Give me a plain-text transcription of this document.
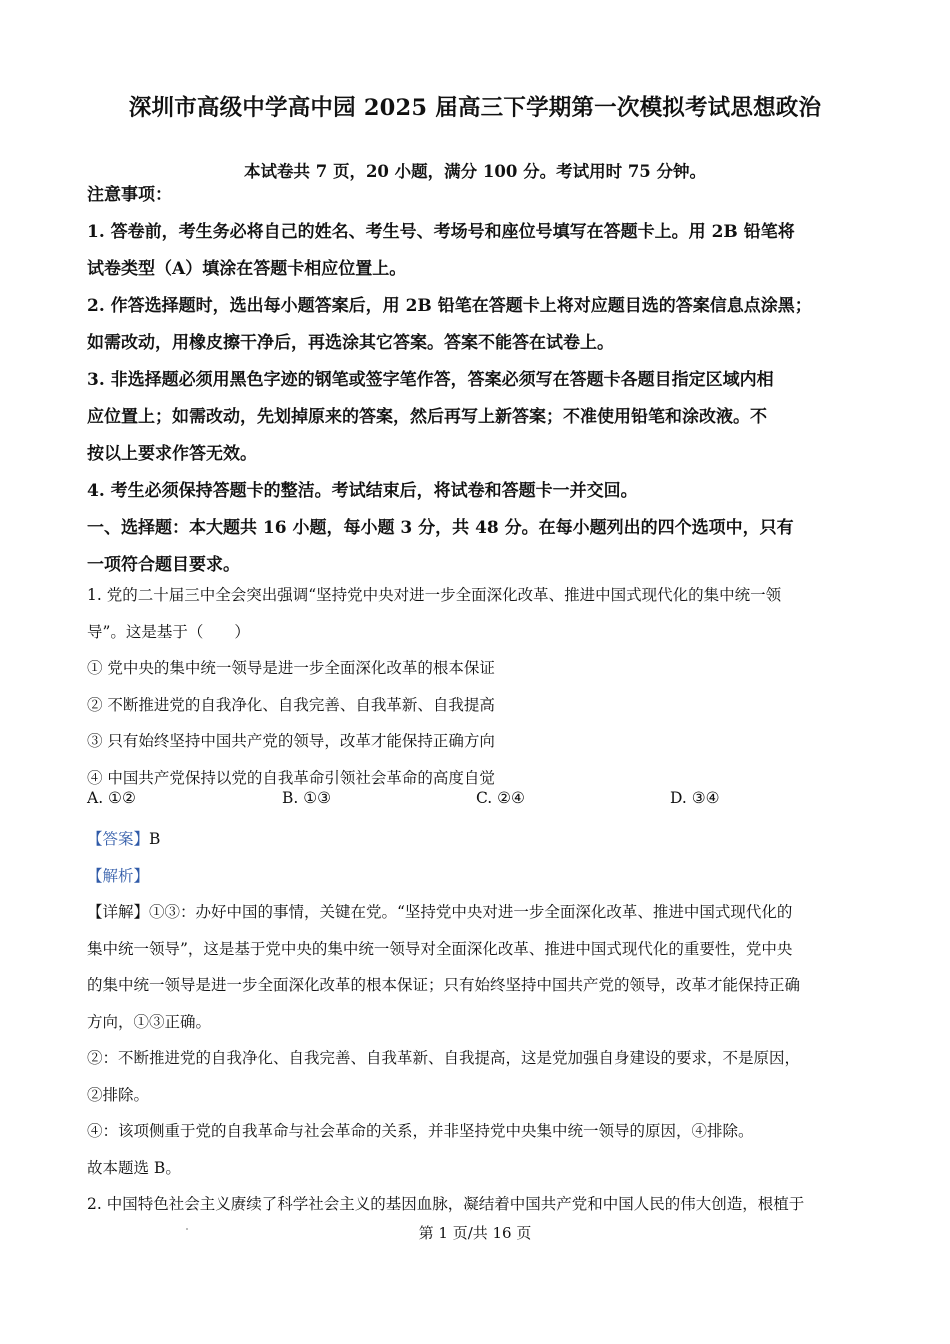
深圳市高级中学高中园 2025 届高三下学期第一次模拟考试思想政治
本试卷共 7 页，20 小题，满分 100 分。考试用时 75 分钟。
注意事项：
1. 答卷前，考生务必将自己的姓名、考生号、考场号和座位号填写在答题卡上。用 2B 铅笔将
试卷类型（A）填涂在答题卡相应位置上。
2. 作答选择题时，选出每小题答案后，用 2B 铅笔在答题卡上将对应题目选的答案信息点涂黑；
如需改动，用橡皮擦干净后，再选涂其它答案。答案不能答在试卷上。
3. 非选择题必须用黑色字迹的钢笔或签字笔作答，答案必须写在答题卡各题目指定区域内相
应位置上；如需改动，先划掉原来的答案，然后再写上新答案；不准使用铅笔和涂改液。不
按以上要求作答无效。
4. 考生必须保持答题卡的整洁。考试结束后，将试卷和答题卡一并交回。
一、选择题：本大题共 16 小题，每小题 3 分，共 48 分。在每小题列出的四个选项中，只有
一项符合题目要求。
1. 党的二十届三中全会突出强调“坚持党中央对进一步全面深化改革、推进中国式现代化的集中统一领
导”。这是基于（　　）
① 党中央的集中统一领导是进一步全面深化改革的根本保证
② 不断推进党的自我净化、自我完善、自我革新、自我提高
③ 只有始终坚持中国共产党的领导，改革才能保持正确方向
④ 中国共产党保持以党的自我革命引领社会革命的高度自觉
A. ①②	B. ①③	C. ②④	D. ③④
【答案】B
【解析】
【详解】①③：办好中国的事情，关键在党。“坚持党中央对进一步全面深化改革、推进中国式现代化的
集中统一领导”，这是基于党中央的集中统一领导对全面深化改革、推进中国式现代化的重要性，党中央
的集中统一领导是进一步全面深化改革的根本保证；只有始终坚持中国共产党的领导，改革才能保持正确
方向，①③正确。
②：不断推进党的自我净化、自我完善、自我革新、自我提高，这是党加强自身建设的要求，不是原因，
②排除。
④：该项侧重于党的自我革命与社会革命的关系，并非坚持党中央集中统一领导的原因，④排除。
故本题选 B。
2. 中国特色社会主义赓续了科学社会主义的基因血脉，凝结着中国共产党和中国人民的伟大创造，根植于
第 1 页/共 16 页
